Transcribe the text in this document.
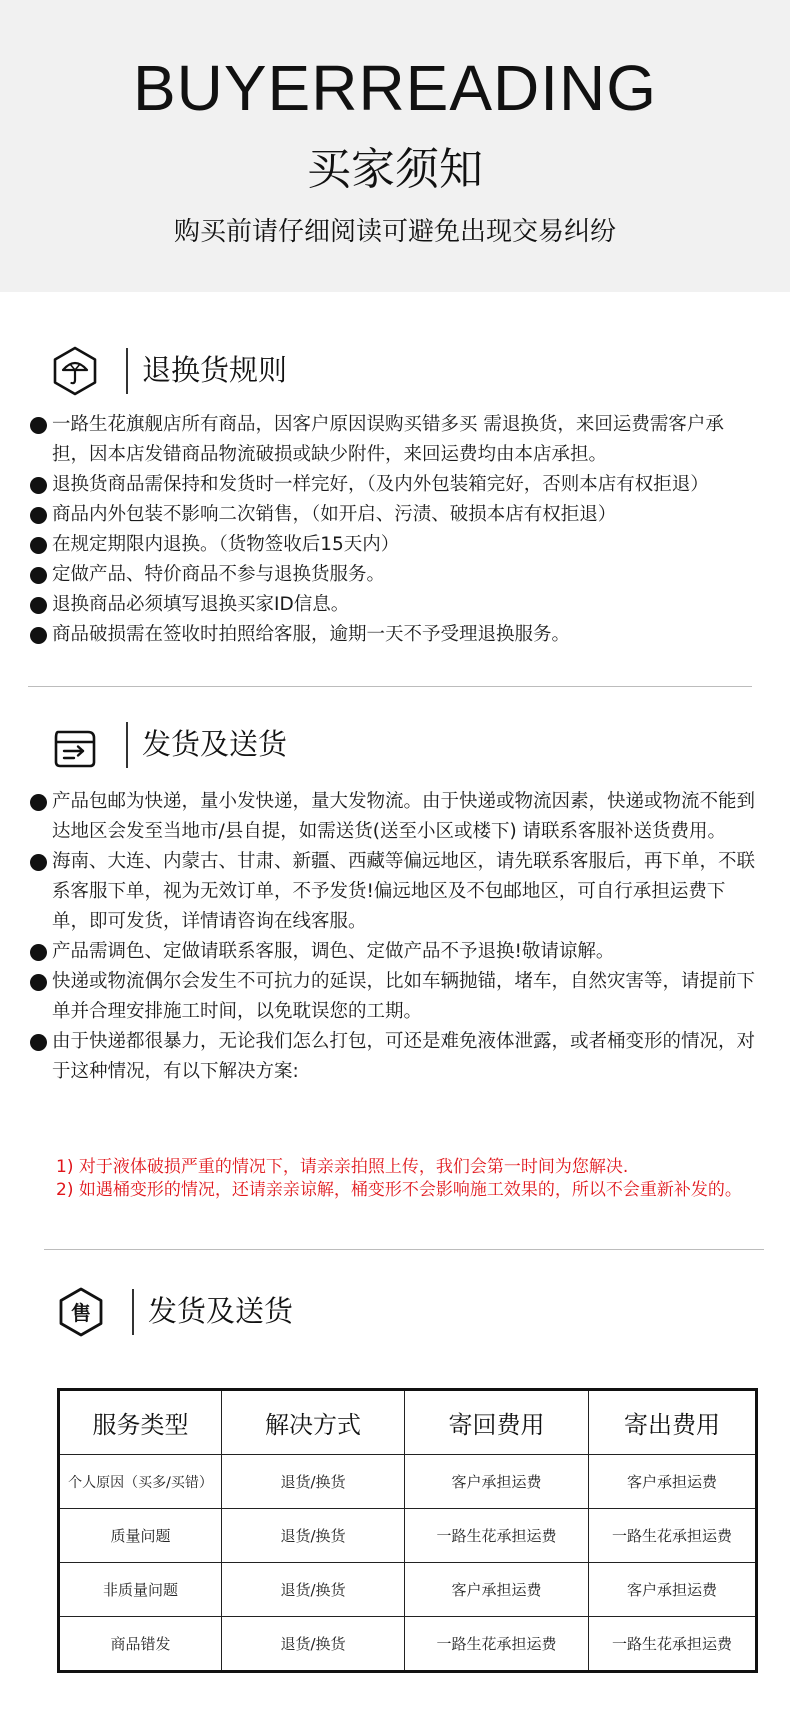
BUYERREADING
买家须知
购买前请仔细阅读可避免出现交易纠纷
退换货规则
一路生花旗舰店所有商品，因客户原因误购买错多买 需退换货，来回运费需客户承担，因本店发错商品物流破损或缺少附件，来回运费均由本店承担。
退换货商品需保持和发货时一样完好，（及内外包装箱完好，否则本店有权拒退）
商品内外包装不影响二次销售，（如开启、污渍、破损本店有权拒退）
在规定期限内退换。（货物签收后15天内）
定做产品、特价商品不参与退换货服务。
退换商品必须填写退换买家ID信息。
商品破损需在签收时拍照给客服，逾期一天不予受理退换服务。
发货及送货
产品包邮为快递，量小发快递，量大发物流。由于快递或物流因素，快递或物流不能到达地区会发至当地市/县自提，如需送货(送至小区或楼下) 请联系客服补送货费用。
海南、大连、内蒙古、甘肃、新疆、西藏等偏远地区，请先联系客服后，再下单，不联系客服下单，视为无效订单，不予发货!偏远地区及不包邮地区，可自行承担运费下单，即可发货，详情请咨询在线客服。
产品需调色、定做请联系客服，调色、定做产品不予退换!敬请谅解。
快递或物流偶尔会发生不可抗力的延误，比如车辆抛锚，堵车，自然灾害等，请提前下单并合理安排施工时间，以免耽误您的工期。
由于快递都很暴力，无论我们怎么打包，可还是难免液体泄露，或者桶变形的情况，对于这种情况，有以下解决方案:
1) 对于液体破损严重的情况下，请亲亲拍照上传，我们会第一时间为您解决.
2) 如遇桶变形的情况，还请亲亲谅解，桶变形不会影响施工效果的，所以不会重新补发的。
售 发货及送货
服务类型	解决方式	寄回费用	寄出费用
个人原因（买多/买错）	退货/换货	客户承担运费	客户承担运费
质量问题	退货/换货	一路生花承担运费	一路生花承担运费
非质量问题	退货/换货	客户承担运费	客户承担运费
商品错发	退货/换货	一路生花承担运费	一路生花承担运费
